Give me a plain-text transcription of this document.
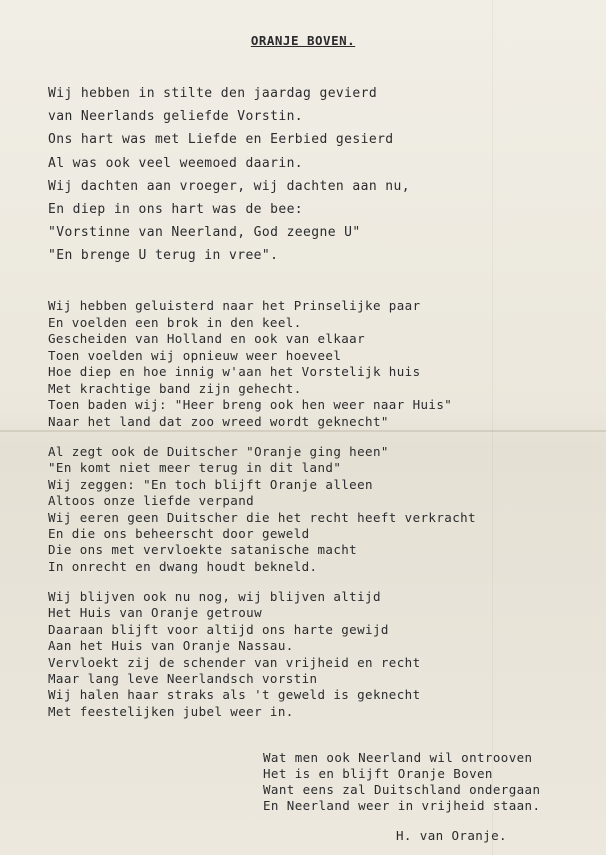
ORANJE BOVEN.
Wij hebben in stilte den jaardag gevierd
van Neerlands geliefde Vorstin.
Ons hart was met Liefde en Eerbied gesierd
Al was ook veel weemoed daarin.
Wij dachten aan vroeger, wij dachten aan nu,
En diep in ons hart was de bee:
"Vorstinne van Neerland, God zeegne U"
"En brenge U terug in vree".
Wij hebben geluisterd naar het Prinselijke paar
En voelden een brok in den keel.
Gescheiden van Holland en ook van elkaar
Toen voelden wij opnieuw weer hoeveel
Hoe diep en hoe innig w'aan het Vorstelijk huis
Met krachtige band zijn gehecht.
Toen baden wij: "Heer breng ook hen weer naar Huis"
Naar het land dat zoo wreed wordt geknecht"
Al zegt ook de Duitscher "Oranje ging heen"
"En komt niet meer terug in dit land"
Wij zeggen: "En toch blijft Oranje alleen
Altoos onze liefde verpand
Wij eeren geen Duitscher die het recht heeft verkracht
En die ons beheerscht door geweld
Die ons met vervloekte satanische macht
In onrecht en dwang houdt bekneld.
Wij blijven ook nu nog, wij blijven altijd
Het Huis van Oranje getrouw
Daaraan blijft voor altijd ons harte gewijd
Aan het Huis van Oranje Nassau.
Vervloekt zij de schender van vrijheid en recht
Maar lang leve Neerlandsch vorstin
Wij halen haar straks als 't geweld is geknecht
Met feestelijken jubel weer in.
Wat men ook Neerland wil ontrooven
Het is en blijft Oranje Boven
Want eens zal Duitschland ondergaan
En Neerland weer in vrijheid staan.
H. van Oranje.
